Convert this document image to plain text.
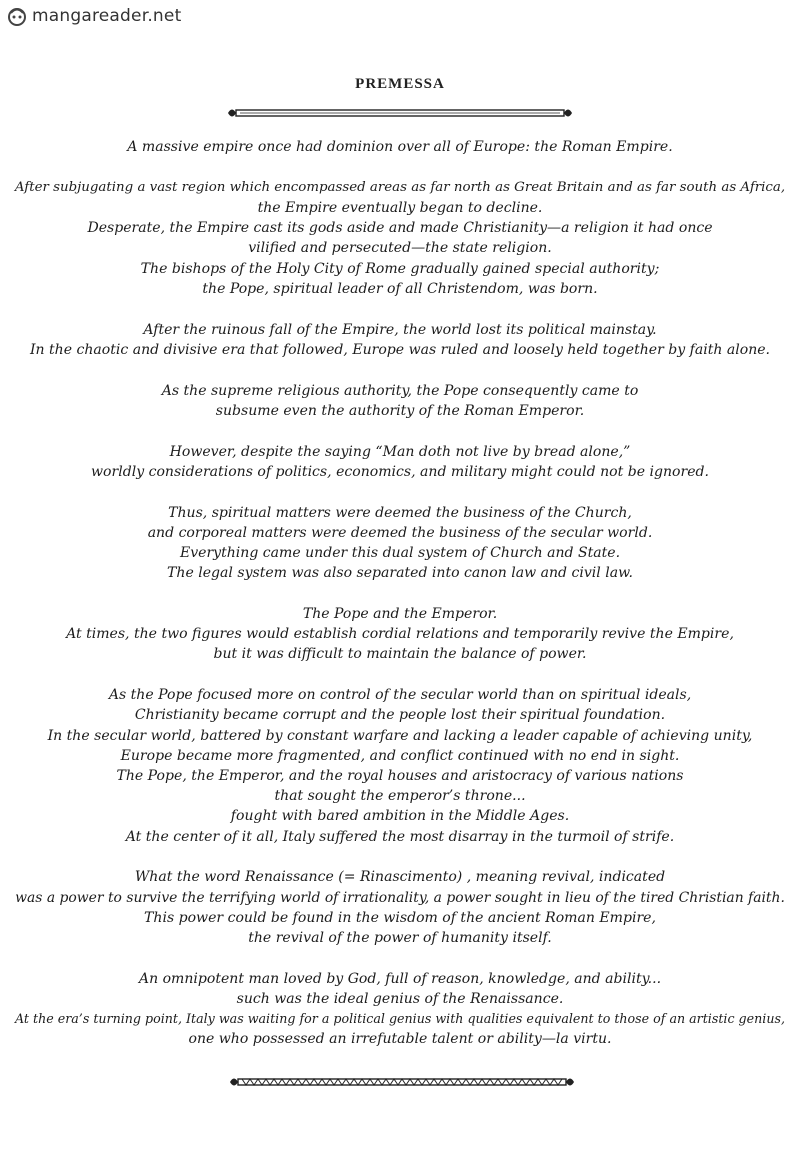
mangareader.net
PREMESSA
A massive empire once had dominion over all of Europe: the Roman Empire.
After subjugating a vast region which encompassed areas as far north as Great Britain and as far south as Africa,
the Empire eventually began to decline.
Desperate, the Empire cast its gods aside and made Christianity—a religion it had once
vilified and persecuted—the state religion.
The bishops of the Holy City of Rome gradually gained special authority;
the Pope, spiritual leader of all Christendom, was born.
After the ruinous fall of the Empire, the world lost its political mainstay.
In the chaotic and divisive era that followed, Europe was ruled and loosely held together by faith alone.
As the supreme religious authority, the Pope consequently came to
subsume even the authority of the Roman Emperor.
However, despite the saying “Man doth not live by bread alone,”
worldly considerations of politics, economics, and military might could not be ignored.
Thus, spiritual matters were deemed the business of the Church,
and corporeal matters were deemed the business of the secular world.
Everything came under this dual system of Church and State.
The legal system was also separated into canon law and civil law.
The Pope and the Emperor.
At times, the two figures would establish cordial relations and temporarily revive the Empire,
but it was difficult to maintain the balance of power.
As the Pope focused more on control of the secular world than on spiritual ideals,
Christianity became corrupt and the people lost their spiritual foundation.
In the secular world, battered by constant warfare and lacking a leader capable of achieving unity,
Europe became more fragmented, and conflict continued with no end in sight.
The Pope, the Emperor, and the royal houses and aristocracy of various nations
that sought the emperor’s throne...
fought with bared ambition in the Middle Ages.
At the center of it all, Italy suffered the most disarray in the turmoil of strife.
What the word Renaissance (= Rinascimento) , meaning revival, indicated
was a power to survive the terrifying world of irrationality, a power sought in lieu of the tired Christian faith.
This power could be found in the wisdom of the ancient Roman Empire,
the revival of the power of humanity itself.
An omnipotent man loved by God, full of reason, knowledge, and ability...
such was the ideal genius of the Renaissance.
At the era’s turning point, Italy was waiting for a political genius with qualities equivalent to those of an artistic genius,
one who possessed an irrefutable talent or ability—la virtu.
